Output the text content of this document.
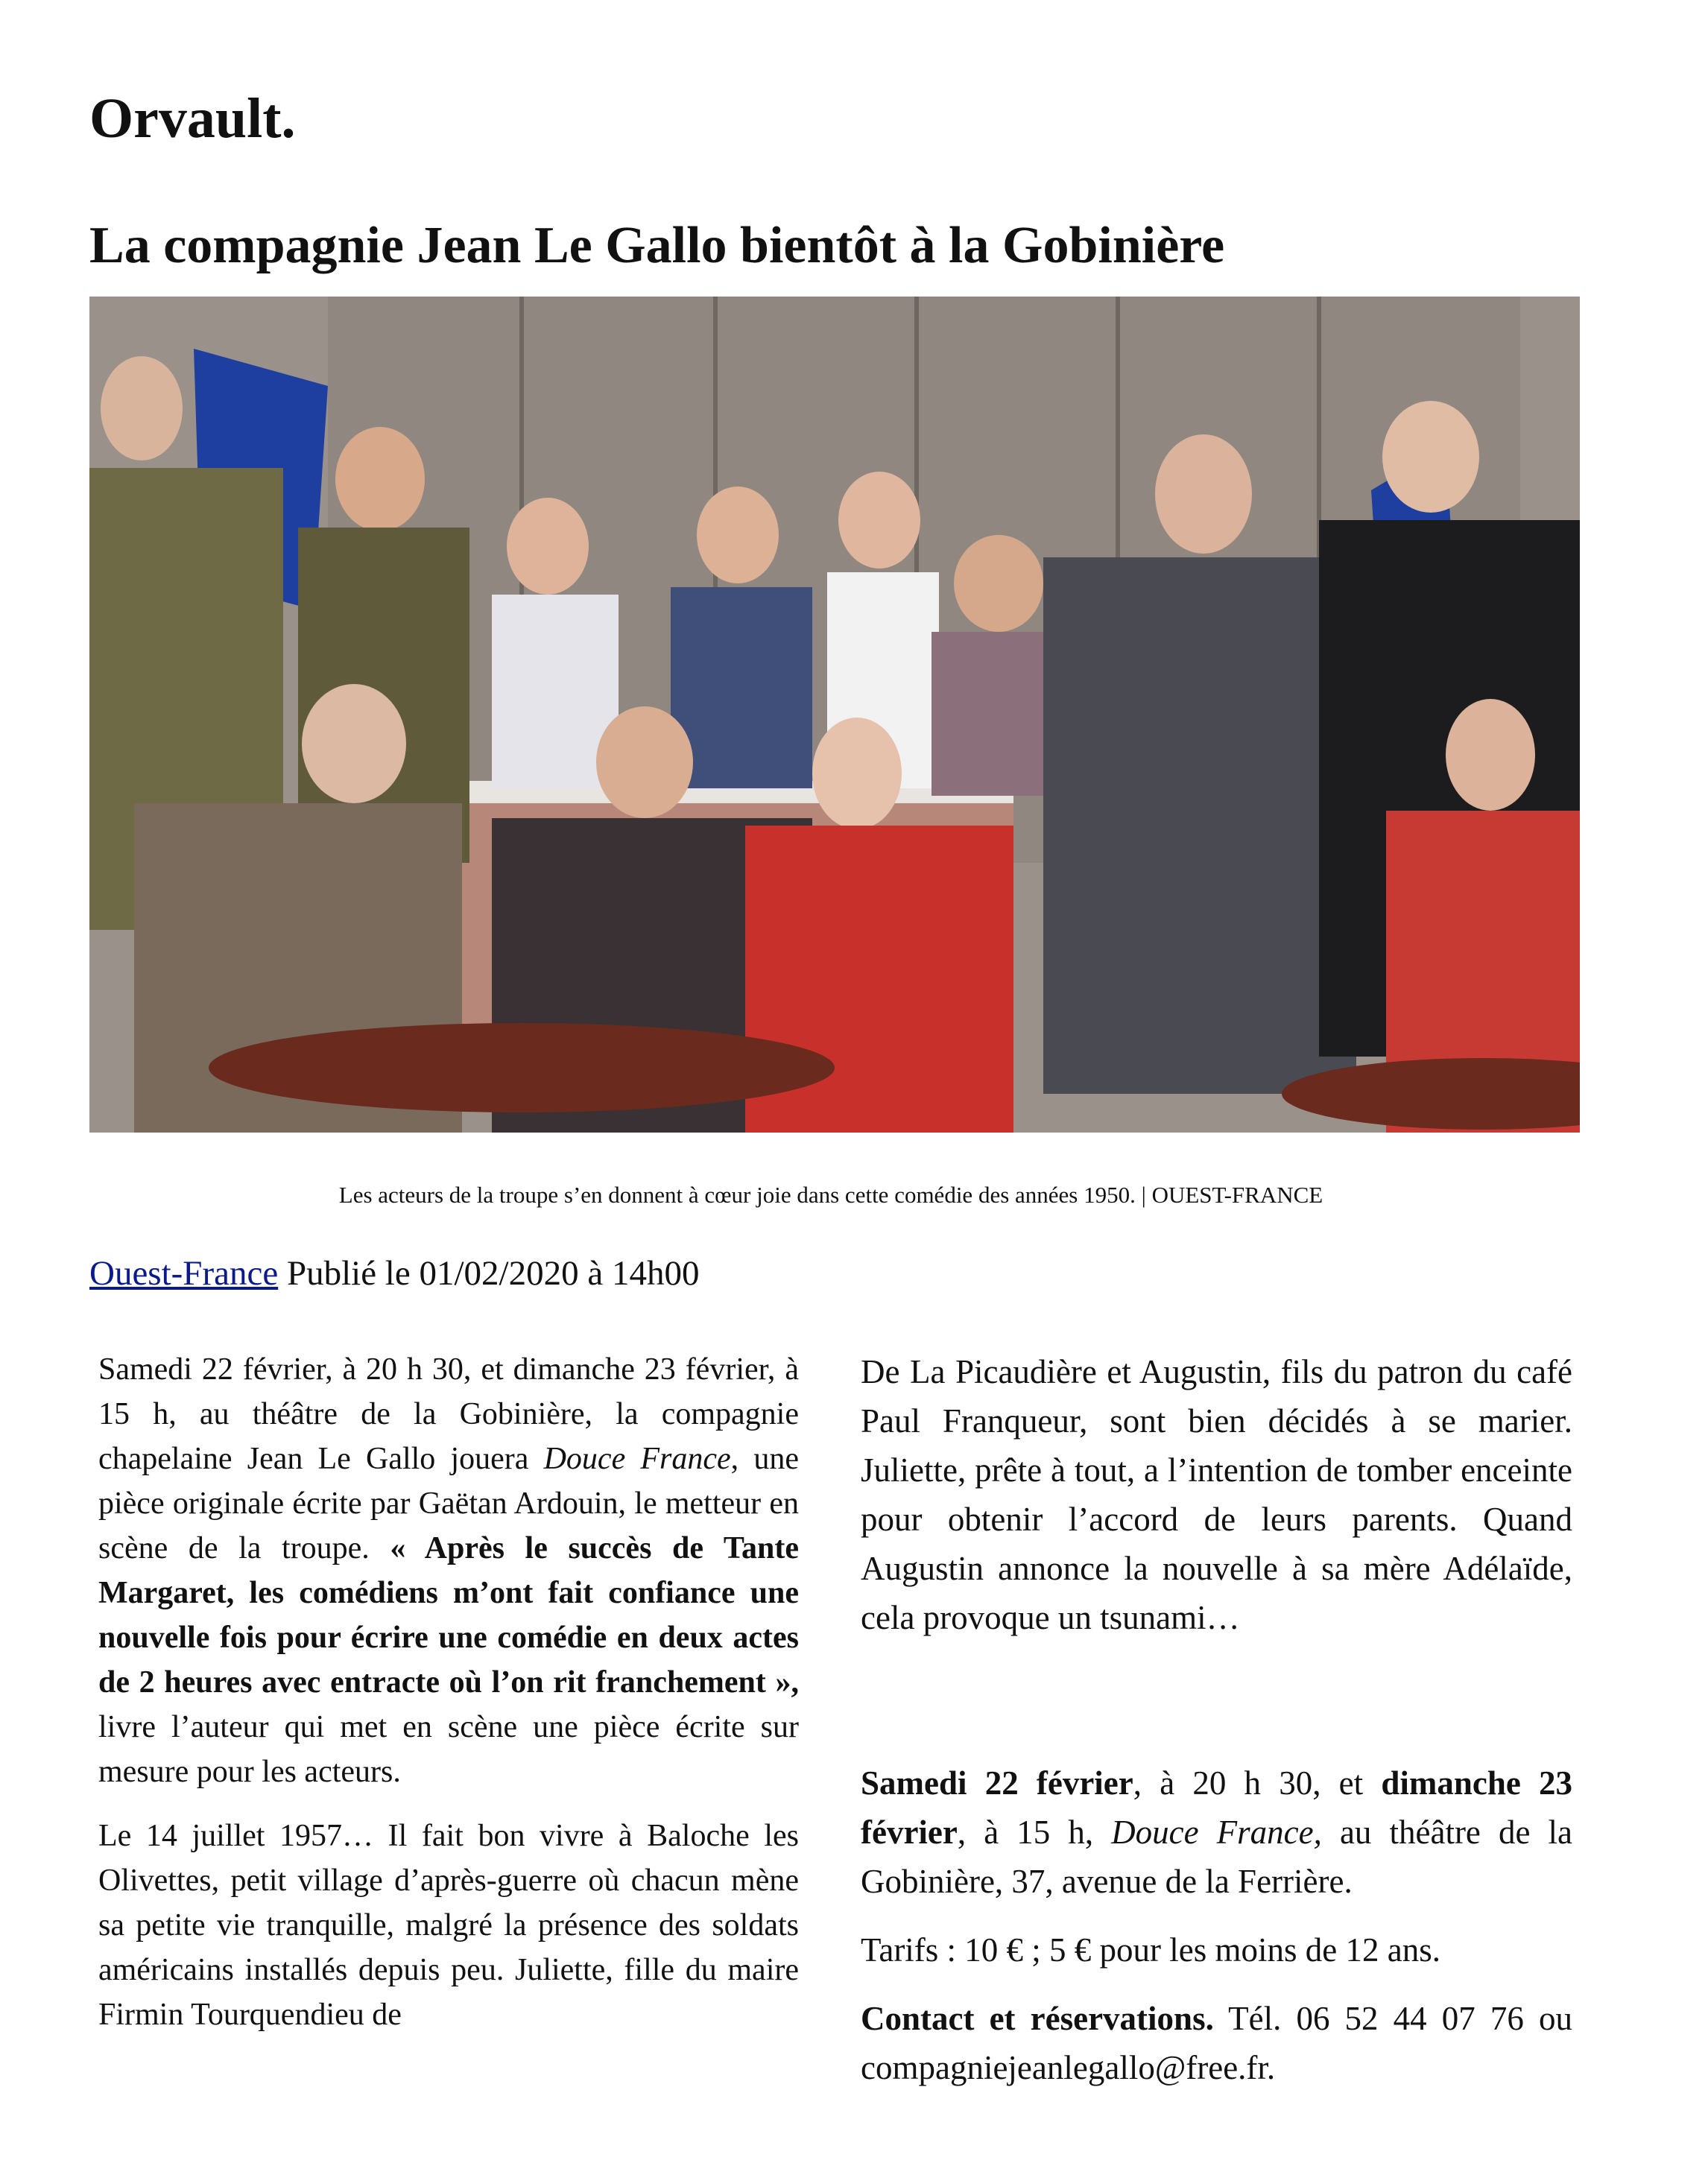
Orvault.
La compagnie Jean Le Gallo bientôt à la Gobinière
Les acteurs de la troupe s’en donnent à cœur joie dans cette comédie des années 1950. | OUEST-FRANCE
Ouest-France Publié le 01/02/2020 à 14h00

Samedi 22 février, à 20 h 30, et dimanche 23 février, à 15 h, au théâtre de la Gobinière, la compagnie chapelaine Jean Le Gallo jouera Douce France, une pièce originale écrite par Gaëtan Ardouin, le metteur en scène de la troupe. « Après le succès de Tante Margaret, les comédiens m’ont fait confiance une nouvelle fois pour écrire une comédie en deux actes de 2 heures avec entracte où l’on rit franchement », livre l’auteur qui met en scène une pièce écrite sur mesure pour les acteurs.

Le 14 juillet 1957… Il fait bon vivre à Baloche les Olivettes, petit village d’après-guerre où chacun mène sa petite vie tranquille, malgré la présence des soldats américains installés depuis peu. Juliette, fille du maire Firmin Tourquendieu de

De La Picaudière et Augustin, fils du patron du café Paul Franqueur, sont bien décidés à se marier. Juliette, prête à tout, a l’intention de tomber enceinte pour obtenir l’accord de leurs parents. Quand Augustin annonce la nouvelle à sa mère Adélaïde, cela provoque un tsunami…

Samedi 22 février, à 20 h 30, et dimanche 23 février, à 15 h, Douce France, au théâtre de la Gobinière, 37, avenue de la Ferrière.

Tarifs : 10 € ; 5 € pour les moins de 12 ans.

Contact et réservations. Tél. 06 52 44 07 76 ou compagniejeanlegallo@free.fr.
